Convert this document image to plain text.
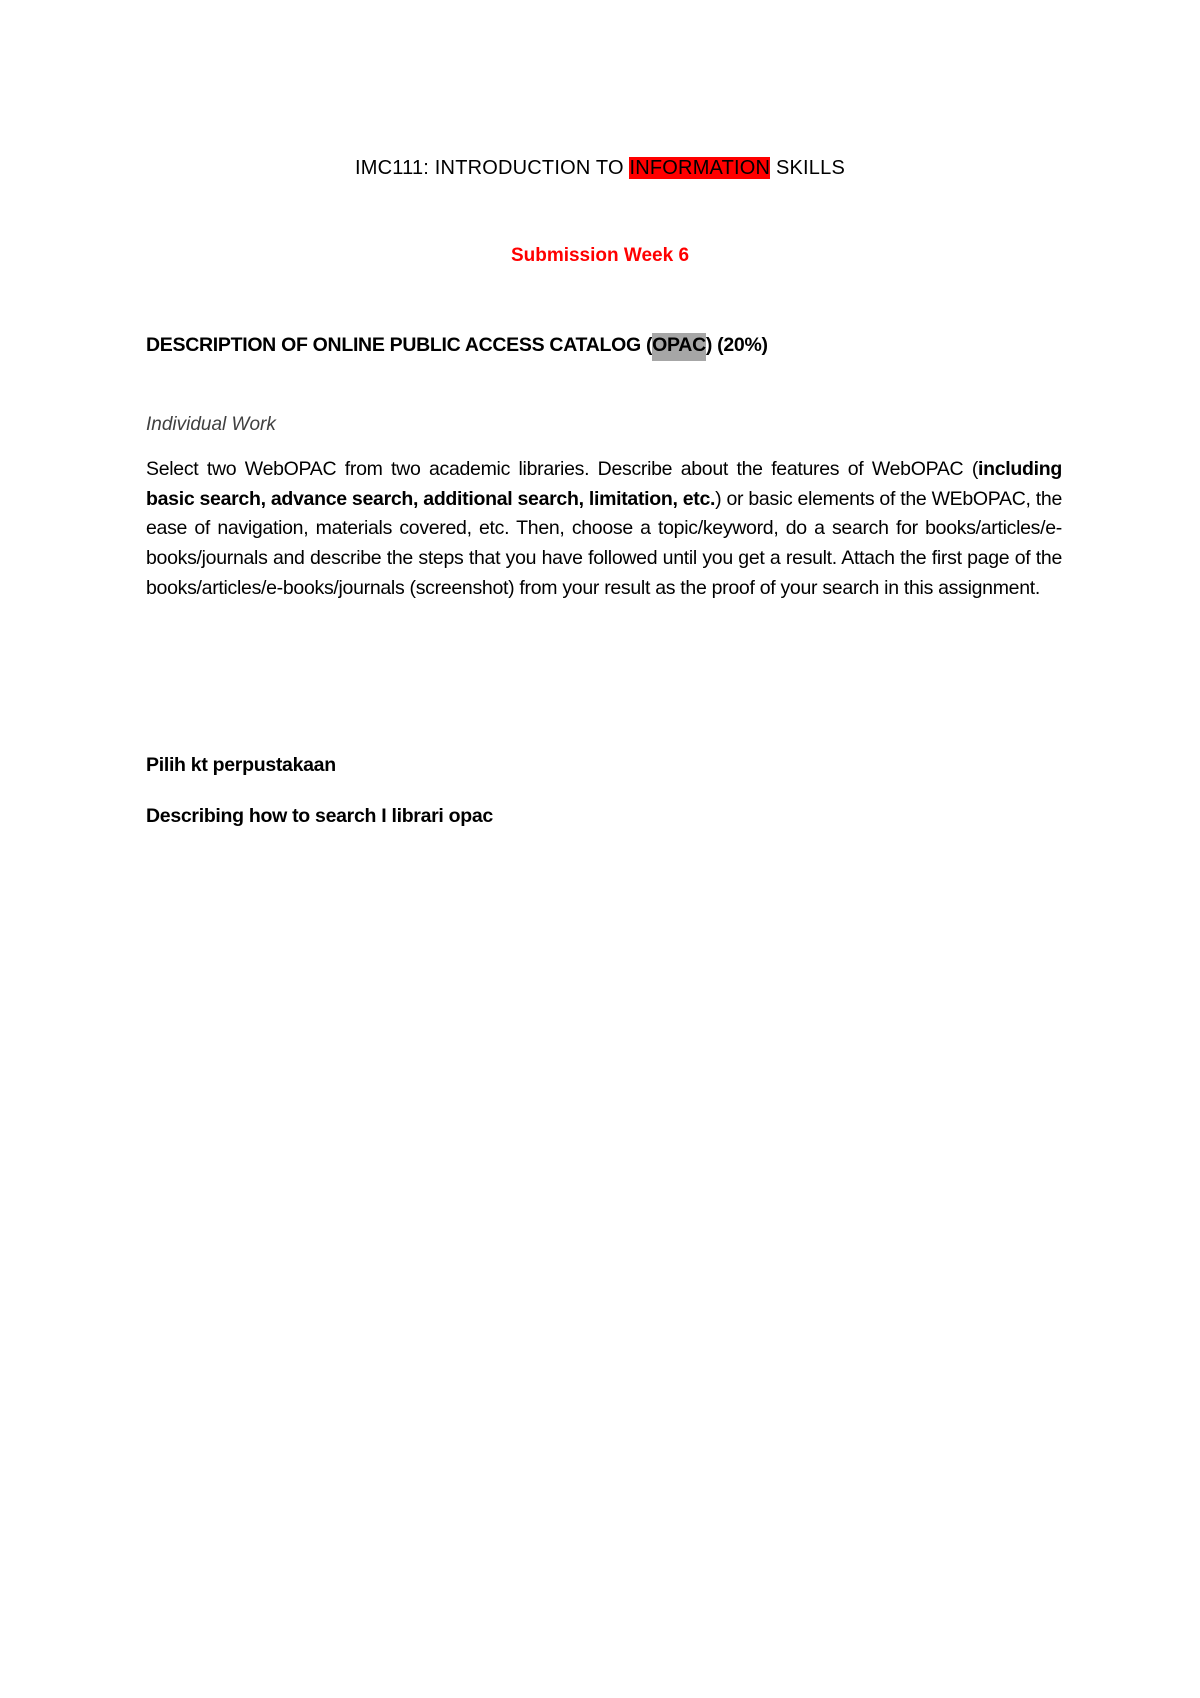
IMC111: INTRODUCTION TO INFORMATION SKILLS
Submission Week 6
DESCRIPTION OF ONLINE PUBLIC ACCESS CATALOG (OPAC) (20%)
Individual Work
Select two WebOPAC from two academic libraries. Describe about the features of WebOPAC (including basic search, advance search, additional search, limitation, etc.) or basic elements of the WEbOPAC, the ease of navigation, materials covered, etc. Then, choose a topic/keyword, do a search for books/articles/e-books/journals and describe the steps that you have followed until you get a result. Attach the first page of the books/articles/e-books/journals (screenshot) from your result as the proof of your search in this assignment.
Pilih kt perpustakaan
Describing how to search I librari opac
